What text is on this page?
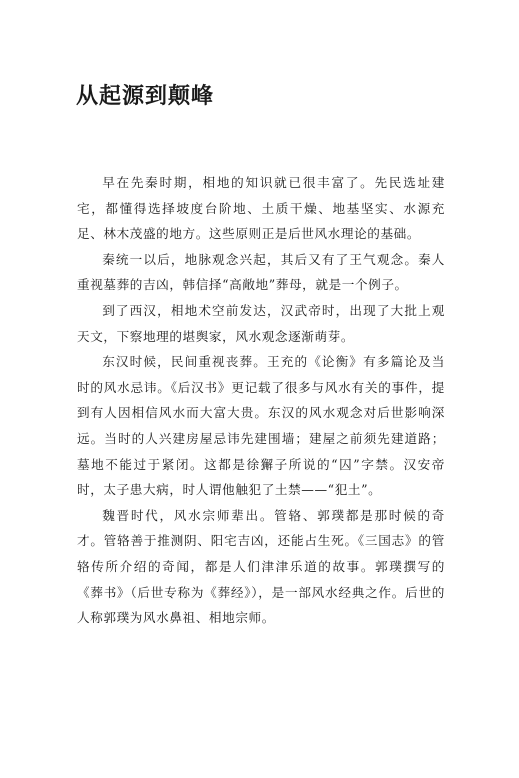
从起源到颠峰

早在先秦时期，相地的知识就已很丰富了。先民选址建宅，都懂得选择坡度台阶地、土质干燥、地基坚实、水源充足、林木茂盛的地方。这些原则正是后世风水理论的基础。

秦统一以后，地脉观念兴起，其后又有了王气观念。秦人重视墓葬的吉凶，韩信择“高敞地”葬母，就是一个例子。

到了西汉，相地术空前发达，汉武帝时，出现了大批上观天文，下察地理的堪舆家，风水观念逐渐萌芽。

东汉时候，民间重视丧葬。王充的《论衡》有多篇论及当时的风水忌讳。《后汉书》更记载了很多与风水有关的事件，提到有人因相信风水而大富大贵。东汉的风水观念对后世影响深远。当时的人兴建房屋忌讳先建围墙；建屋之前须先建道路；墓地不能过于紧闭。这都是徐獬子所说的“囚”字禁。汉安帝时，太子患大病，时人谓他触犯了土禁——“犯土”。

魏晋时代，风水宗师辈出。管辂、郭璞都是那时候的奇才。管辂善于推测阴、阳宅吉凶，还能占生死。《三国志》的管辂传所介绍的奇闻，都是人们津津乐道的故事。郭璞撰写的《葬书》（后世专称为《葬经》），是一部风水经典之作。后世的人称郭璞为风水鼻祖、相地宗师。
